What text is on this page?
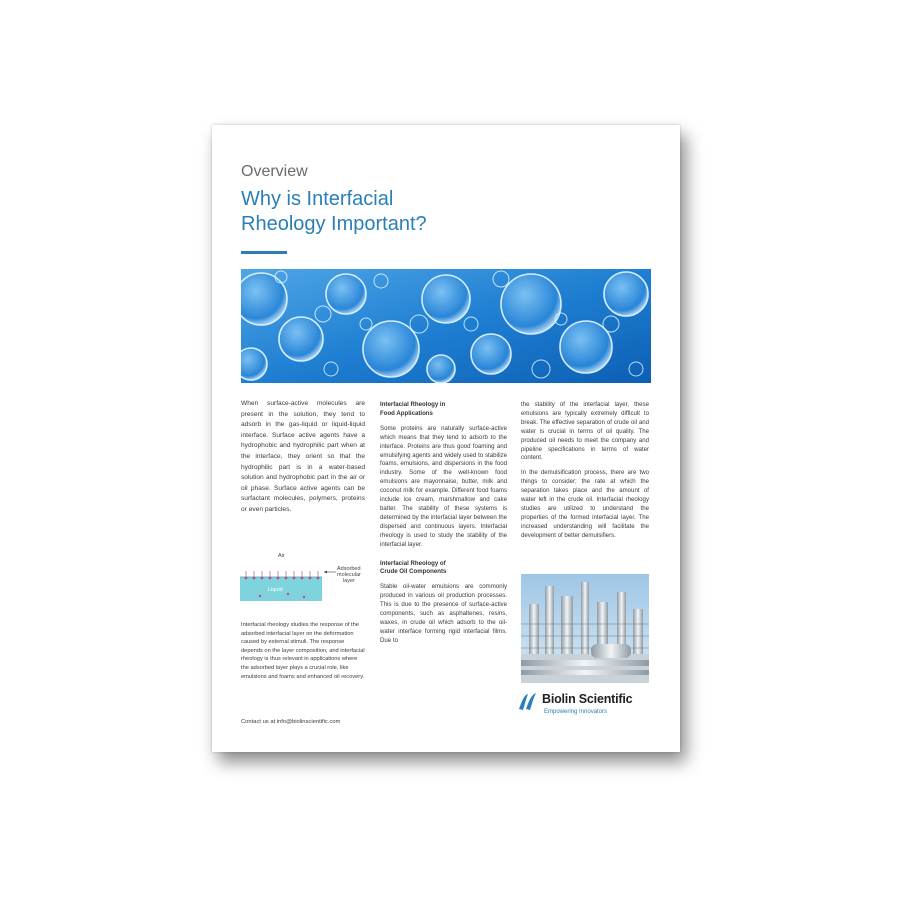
Overview
Why is Interfacial
Rheology Important?

When surface-active molecules are present in the solution, they tend to adsorb in the gas-liquid or liquid-liquid interface. Surface active agents have a hydrophobic and hydrophilic part when at the interface, they orient so that the hydrophilic part is in a water-based solution and hydrophobic part in the air or oil phase. Surface active agents can be surfactant molecules, polymers, proteins or even particles.

Air
Liquid
Adsorbed
molecular
layer
Interfacial rheology studies the response of the adsorbed interfacial layer on the deformation caused by external stimuli. The response depends on the layer composition, and interfacial rheology is thus relevant in applications where the adsorbed layer plays a crucial role, like emulsions and foams and enhanced oil recovery.
Contact us at info@biolinscientific.com
Interfacial Rheology in
Food Applications

Some proteins are naturally surface-active which means that they tend to adsorb to the interface. Proteins are thus good foaming and emulsifying agents and widely used to stabilize foams, emulsions, and dispersions in the food industry. Some of the well-known food emulsions are mayonnaise, butter, milk and coconut milk for example. Different food foams include ice cream, marshmallow and cake batter. The stability of these systems is determined by the interfacial layer between the dispersed and continuous layers. Interfacial rheology is used to study the stability of the interfacial layer.

Interfacial Rheology of
Crude Oil Components

Stable oil-water emulsions are commonly produced in various oil production processes. This is due to the presence of surface-active components, such as asphaltenes, resins, waxes, in crude oil which adsorb to the oil-water interface forming rigid interfacial films. Due to

the stability of the interfacial layer, these emulsions are typically extremely difficult to break. The effective separation of crude oil and water is crucial in terms of oil quality. The produced oil needs to meet the company and pipeline specifications in terms of water content.

In the demulsification process, there are two things to consider; the rate at which the separation takes place and the amount of water left in the crude oil. Interfacial rheology studies are utilized to understand the properties of the formed interfacial layer. The increased understanding will facilitate the development of better demulsifiers.

Biolin Scientific
Empowering Innovators
